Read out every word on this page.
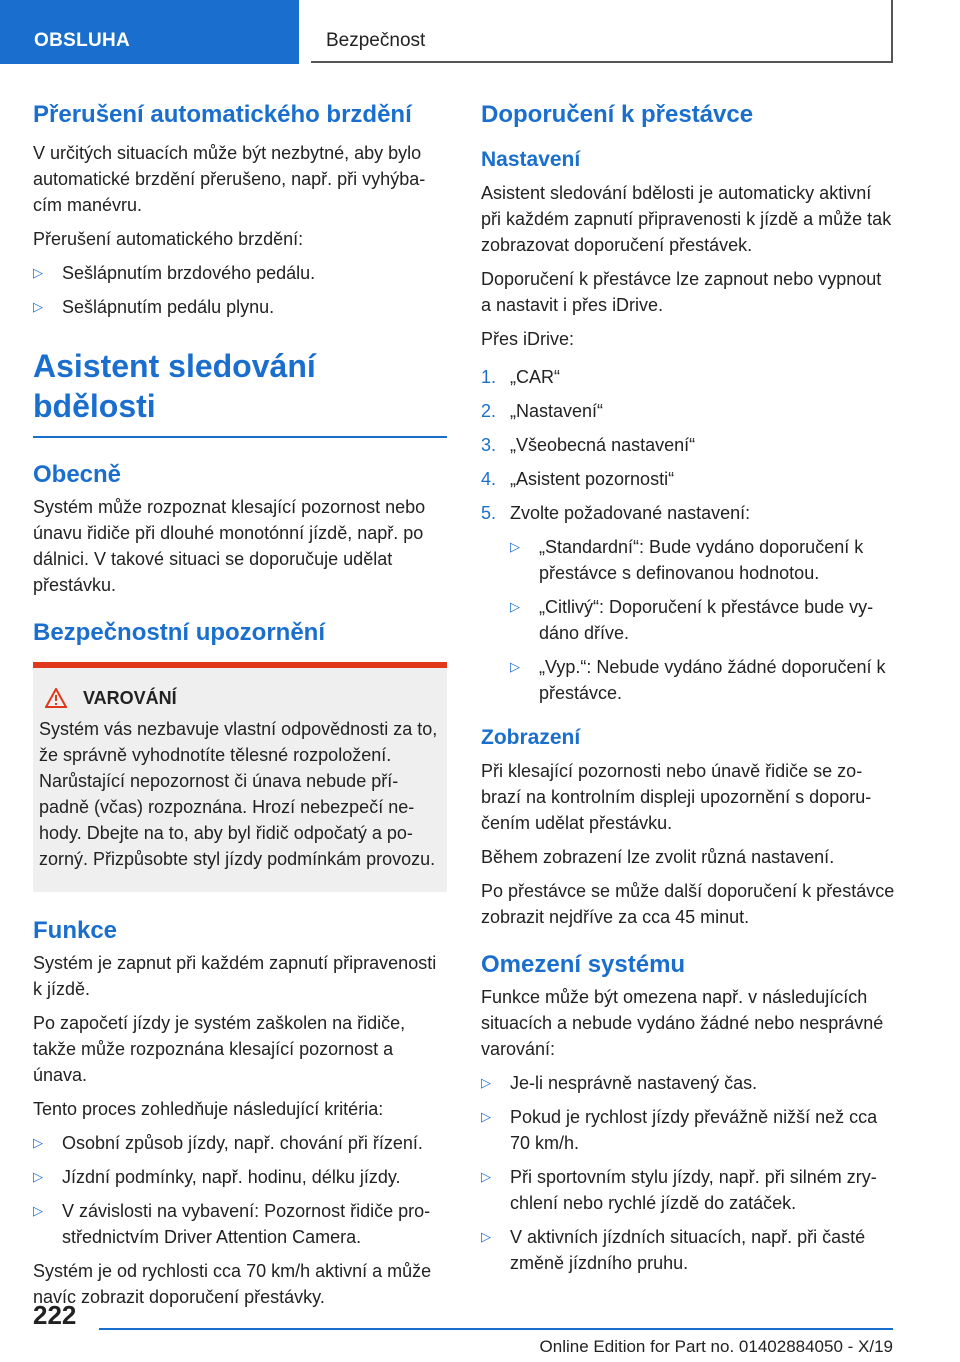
OBSLUHA	Bezpečnost
Přerušení automatického brzdění

V určitých situacích může být nezbytné, aby bylo automatické brzdění přerušeno, např. při vyhýbacím manévru.

Přerušení automatického brzdění:

▷ Sešlápnutím brzdového pedálu.
▷ Sešlápnutím pedálu plynu.
Asistent sledování bdělosti
Obecně

Systém může rozpoznat klesající pozornost nebo únavu řidiče při dlouhé monotónní jízdě, např. po dálnici. V takové situaci se doporučuje udělat přestávku.

Bezpečnostní upozornění
VAROVÁNÍ

Systém vás nezbavuje vlastní odpovědnosti za to, že správně vyhodnotíte tělesné rozpoložení. Narůstající nepozornost či únava nebude případně (včas) rozpoznána. Hrozí nebezpečí nehody. Dbejte na to, aby byl řidič odpočatý a pozorný. Přizpůsobte styl jízdy podmínkám provozu.

Funkce

Systém je zapnut při každém zapnutí připravenosti k jízdě.

Po započetí jízdy je systém zaškolen na řidiče, takže může rozpoznána klesající pozornost a únava.

Tento proces zohledňuje následující kritéria:

▷ Osobní způsob jízdy, např. chování při řízení.
▷ Jízdní podmínky, např. hodinu, délku jízdy.
▷ V závislosti na vybavení: Pozornost řidiče prostřednictvím Driver Attention Camera.

Systém je od rychlosti cca 70 km/h aktivní a může navíc zobrazit doporučení přestávky.

Doporučení k přestávce
Nastavení

Asistent sledování bdělosti je automaticky aktivní při každém zapnutí připravenosti k jízdě a může tak zobrazovat doporučení přestávek.

Doporučení k přestávce lze zapnout nebo vypnout a nastavit i přes iDrive.

Přes iDrive:

1. „CAR“
2. „Nastavení“
3. „Všeobecná nastavení“
4. „Asistent pozornosti“
5. Zvolte požadované nastavení:
▷ „Standardní“: Bude vydáno doporučení k přestávce s definovanou hodnotou.
▷ „Citlivý“: Doporučení k přestávce bude vydáno dříve.
▷ „Vyp.“: Nebude vydáno žádné doporučení k přestávce.
Zobrazení

Při klesající pozornosti nebo únavě řidiče se zobrazí na kontrolním displeji upozornění s doporučením udělat přestávku.

Během zobrazení lze zvolit různá nastavení.

Po přestávce se může další doporučení k přestávce zobrazit nejdříve za cca 45 minut.

Omezení systému

Funkce může být omezena např. v následujících situacích a nebude vydáno žádné nebo nesprávné varování:

▷ Je-li nesprávně nastavený čas.
▷ Pokud je rychlost jízdy převážně nižší než cca 70 km/h.
▷ Při sportovním stylu jízdy, např. při silném zrychlení nebo rychlé jízdě do zatáček.
▷ V aktivních jízdních situacích, např. při časté změně jízdního pruhu.
222
Online Edition for Part no. 01402884050 - X/19
